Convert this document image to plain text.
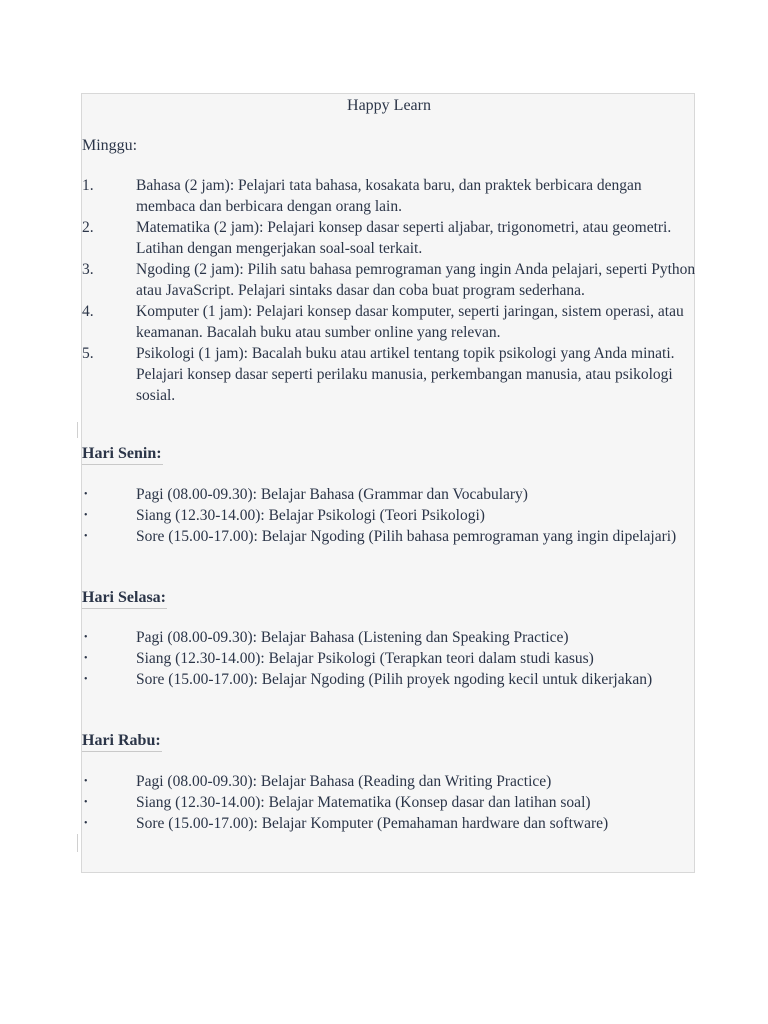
Happy Learn
Minggu:
1.	Bahasa (2 jam): Pelajari tata bahasa, kosakata baru, dan praktek berbicara dengan membaca dan berbicara dengan orang lain.
2.	Matematika (2 jam): Pelajari konsep dasar seperti aljabar, trigonometri, atau geometri. Latihan dengan mengerjakan soal-soal terkait.
3.	Ngoding (2 jam): Pilih satu bahasa pemrograman yang ingin Anda pelajari, seperti Python atau JavaScript. Pelajari sintaks dasar dan coba buat program sederhana.
4.	Komputer (1 jam): Pelajari konsep dasar komputer, seperti jaringan, sistem operasi, atau keamanan. Bacalah buku atau sumber online yang relevan.
5.	Psikologi (1 jam): Bacalah buku atau artikel tentang topik psikologi yang Anda minati. Pelajari konsep dasar seperti perilaku manusia, perkembangan manusia, atau psikologi sosial.
Hari Senin:
•	Pagi (08.00-09.30): Belajar Bahasa (Grammar dan Vocabulary)
•	Siang (12.30-14.00): Belajar Psikologi (Teori Psikologi)
•	Sore (15.00-17.00): Belajar Ngoding (Pilih bahasa pemrograman yang ingin dipelajari)
Hari Selasa:
•	Pagi (08.00-09.30): Belajar Bahasa (Listening dan Speaking Practice)
•	Siang (12.30-14.00): Belajar Psikologi (Terapkan teori dalam studi kasus)
•	Sore (15.00-17.00): Belajar Ngoding (Pilih proyek ngoding kecil untuk dikerjakan)
Hari Rabu:
•	Pagi (08.00-09.30): Belajar Bahasa (Reading dan Writing Practice)
•	Siang (12.30-14.00): Belajar Matematika (Konsep dasar dan latihan soal)
•	Sore (15.00-17.00): Belajar Komputer (Pemahaman hardware dan software)
